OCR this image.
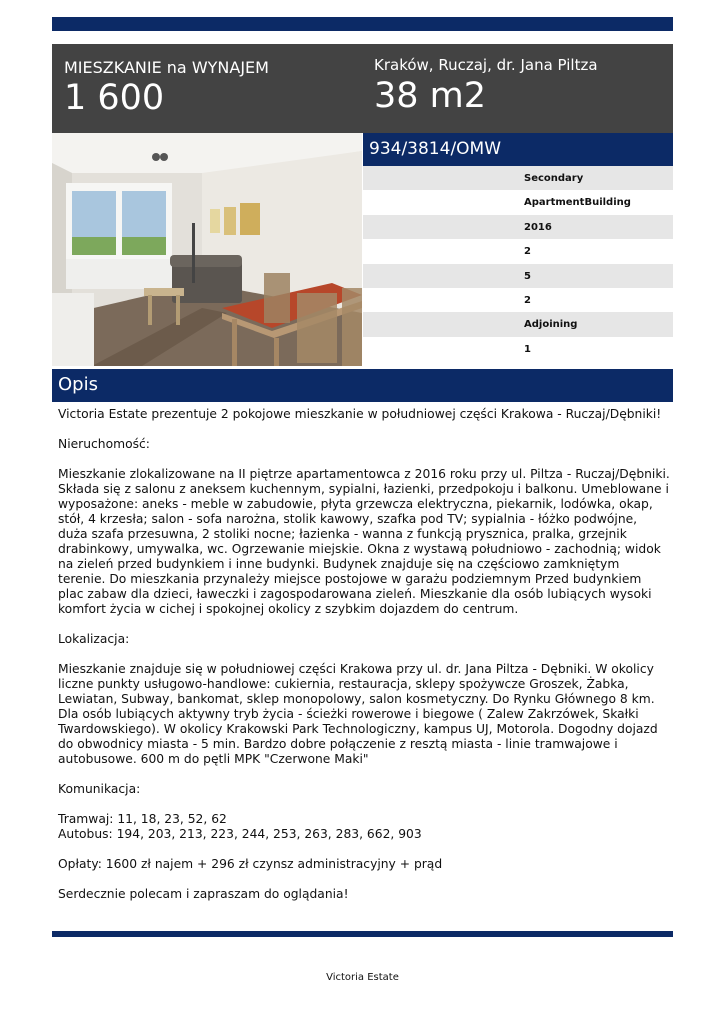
MIESZKANIE na WYNAJEM
1 600
Kraków, Ruczaj, dr. Jana Piltza
38 m2
934/3814/OMW
Secondary
ApartmentBuilding
2016
2
5
2
Adjoining
1
Opis

Victoria Estate prezentuje 2 pokojowe mieszkanie w południowej części Krakowa - Ruczaj/Dębniki!

Nieruchomość:

Mieszkanie zlokalizowane na II piętrze apartamentowca z 2016 roku przy ul. Piltza - Ruczaj/Dębniki. Składa się z salonu z aneksem kuchennym, sypialni, łazienki, przedpokoju i balkonu. Umeblowane i wyposażone: aneks - meble w zabudowie, płyta grzewcza elektryczna, piekarnik, lodówka, okap, stół, 4 krzesła; salon - sofa narożna, stolik kawowy, szafka pod TV; sypialnia - łóżko podwójne, duża szafa przesuwna, 2 stoliki nocne; łazienka - wanna z funkcją prysznica, pralka, grzejnik drabinkowy, umywalka, wc. Ogrzewanie miejskie. Okna z wystawą południowo - zachodnią; widok na zieleń przed budynkiem i inne budynki. Budynek znajduje się na częściowo zamkniętym terenie. Do mieszkania przynależy miejsce postojowe w garażu podziemnym Przed budynkiem plac zabaw dla dzieci, ławeczki i zagospodarowana zieleń. Mieszkanie dla osób lubiących wysoki komfort życia w cichej i spokojnej okolicy z szybkim dojazdem do centrum.

Lokalizacja:

Mieszkanie znajduje się w południowej części Krakowa przy ul. dr. Jana Piltza - Dębniki. W okolicy liczne punkty usługowo-handlowe: cukiernia, restauracja, sklepy spożywcze Groszek, Żabka, Lewiatan, Subway, bankomat, sklep monopolowy, salon kosmetyczny. Do Rynku Głównego 8 km. Dla osób lubiących aktywny tryb życia - ścieżki rowerowe i biegowe ( Zalew Zakrzówek, Skałki Twardowskiego). W okolicy Krakowski Park Technologiczny, kampus UJ, Motorola. Dogodny dojazd do obwodnicy miasta - 5 min. Bardzo dobre połączenie z resztą miasta - linie tramwajowe i autobusowe. 600 m do pętli MPK "Czerwone Maki"

Komunikacja:

Tramwaj: 11, 18, 23, 52, 62

Autobus: 194, 203, 213, 223, 244, 253, 263, 283, 662, 903

Opłaty: 1600 zł najem + 296 zł czynsz administracyjny + prąd

Serdecznie polecam i zapraszam do oglądania!

Victoria Estate
